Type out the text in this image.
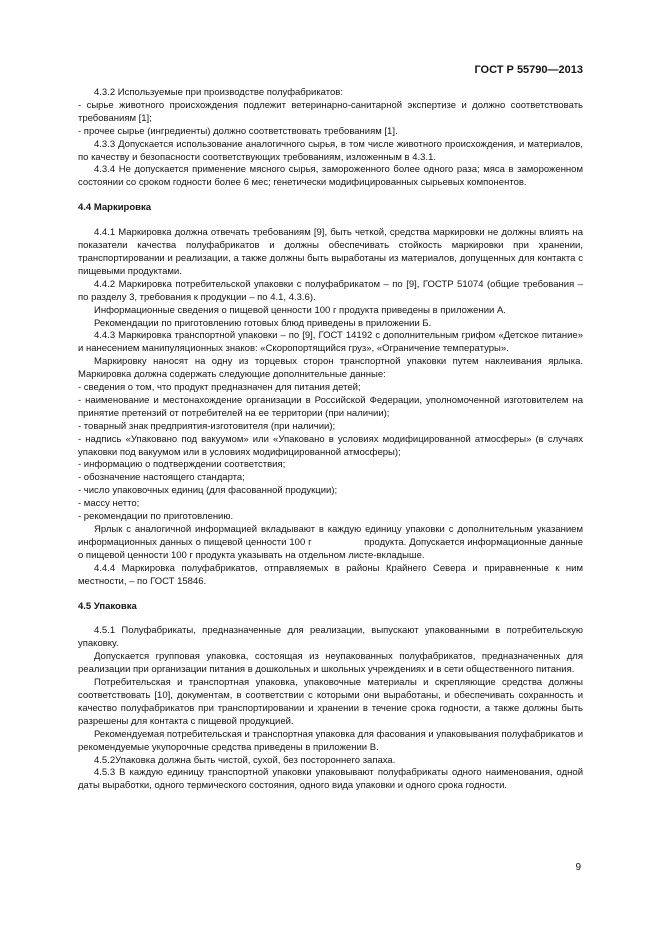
ГОСТ Р 55790—2013

4.3.2 Используемые при производстве полуфабрикатов:

- сырье животного происхождения подлежит ветеринарно-санитарной экспертизе и должно соответствовать требованиям [1];

- прочее сырье (ингредиенты) должно соответствовать требованиям [1].

4.3.3 Допускается использование аналогичного сырья, в том числе животного происхождения, и материалов, по качеству и безопасности соответствующих требованиям, изложенным в 4.3.1.

4.3.4 Не допускается применение мясного сырья, замороженного более одного раза; мяса в замороженном состоянии со сроком годности более 6 мес; генетически модифицированных сырьевых компонентов.

4.4 Маркировка

4.4.1 Маркировка должна отвечать требованиям [9], быть четкой, средства маркировки не должны влиять на показатели качества полуфабрикатов и должны обеспечивать стойкость маркировки при хранении, транспортировании и реализации, а также должны быть выработаны из материалов, допущенных для контакта с пищевыми продуктами.

4.4.2 Маркировка потребительской упаковки с полуфабрикатом – по [9], ГОСТР 51074 (общие требования – по разделу 3, требования к продукции – по 4.1, 4.3.6).

Информационные сведения о пищевой ценности 100 г продукта приведены в приложении А.

Рекомендации по приготовлению готовых блюд приведены в приложении Б.

4.4.3 Маркировка транспортной упаковки – по [9], ГОСТ 14192 с дополнительным грифом «Детское питание» и нанесением манипуляционных знаков: «Скоропортящийся груз», «Ограничение температуры».

Маркировку наносят на одну из торцевых сторон транспортной упаковки путем наклеивания ярлыка. Маркировка должна содержать следующие дополнительные данные:

- сведения о том, что продукт предназначен для питания детей;

- наименование и местонахождение организации в Российской Федерации, уполномоченной изготовителем на принятие претензий от потребителей на ее территории (при наличии);

- товарный знак предприятия-изготовителя (при наличии);

- надпись «Упаковано под вакуумом» или «Упаковано в условиях модифицированной атмосферы» (в случаях упаковки под вакуумом или в условиях модифицированной атмосферы);

- информацию о подтверждении соответствия;

- обозначение настоящего стандарта;

- число упаковочных единиц (для фасованной продукции);

- массу нетто;

- рекомендации по приготовлению.

Ярлык с аналогичной информацией вкладывают в каждую единицу упаковки с дополнительным указанием информационных данных о пищевой ценности 100 г                  продукта. Допускается информационные данные о пищевой ценности 100 г продукта указывать на отдельном листе-вкладыше.

4.4.4 Маркировка полуфабрикатов, отправляемых в районы Крайнего Севера и приравненные к ним местности, – по ГОСТ 15846.

4.5 Упаковка

4.5.1 Полуфабрикаты, предназначенные для реализации, выпускают упакованными в потребительскую упаковку.

Допускается групповая упаковка, состоящая из неупакованных полуфабрикатов, предназначенных для реализации при организации питания в дошкольных и школьных учреждениях и в сети общественного питания.

Потребительская и транспортная упаковка, упаковочные материалы и скрепляющие средства должны соответствовать [10], документам, в соответствии с которыми они выработаны, и обеспечивать сохранность и качество полуфабрикатов при транспортировании и хранении в течение срока годности, а также должны быть разрешены для контакта с пищевой продукцией.

Рекомендуемая потребительская и транспортная упаковка для фасования и упаковывания полуфабрикатов и рекомендуемые укупорочные средства приведены в приложении В.

4.5.2Упаковка должна быть чистой, сухой, без постороннего запаха.

4.5.3 В каждую единицу транспортной упаковки упаковывают полуфабрикаты одного наименования, одной даты выработки, одного термического состояния, одного вида упаковки и одного срока годности.

9
